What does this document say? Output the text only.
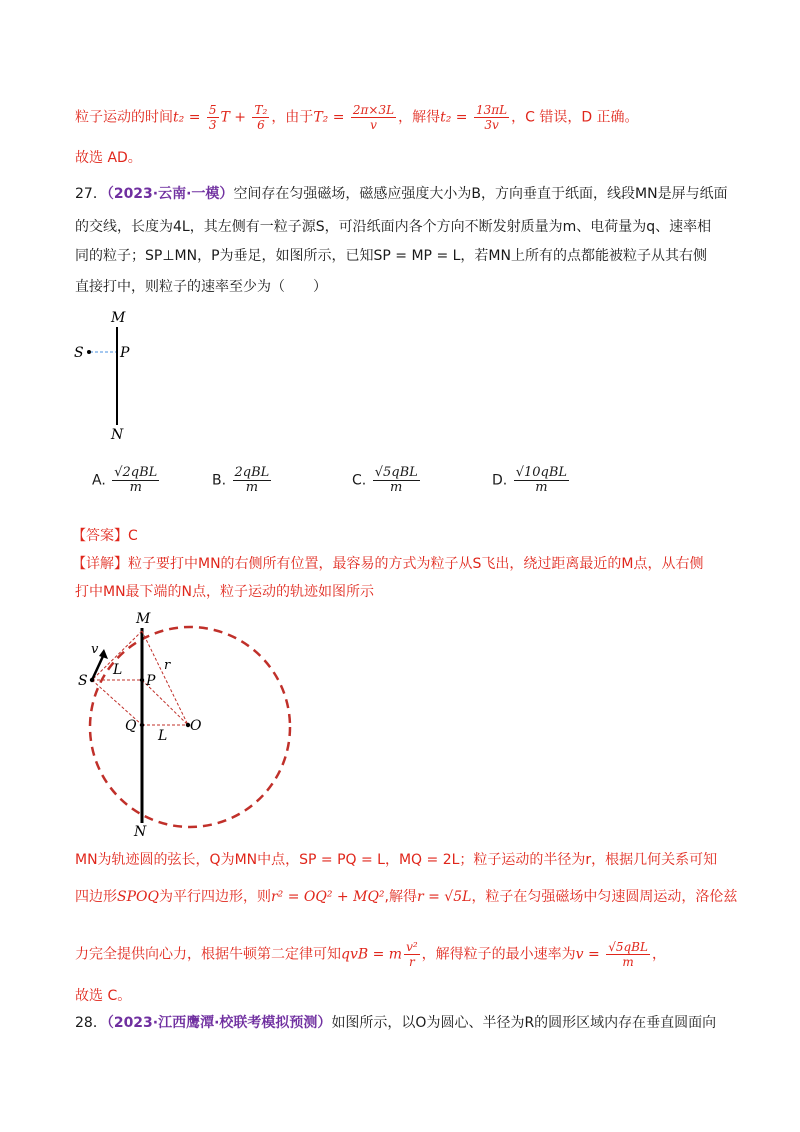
粒子运动的时间$t_2 = \frac{5}{3}$ $T + \frac{\text{T₂}}{6}$ ，由于$T_2 = \frac{2\pi\times 3L}{v}$ ，解得$t_2 = \frac{13\pi L}{3v}$ ，C 错误，D 正确。
故选 AD。
27．（2023·云南·一模）空间存在匀强磁场，磁感应强度大小为B，方向垂直于纸面，线段MN是屏与纸面
的交线，长度为4L，其左侧有一粒子源S，可沿纸面内各个方向不断发射质量为m、电荷量为q、速率相
同的粒子；SP⊥MN，P为垂足，如图所示，已知SP = MP = L，若MN上所有的点都能被粒子从其右侧
直接打中，则粒子的速率至少为（　　）
M
S	P
N
A. $\frac{\text{√2qBL}}{m}$	B. $\frac{\text{2qBL}}{m}$	C. $\frac{\text{√5qBL}}{m}$	D. $\frac{\text{√10qBL}}{m}$
【答案】C
【详解】粒子要打中MN的右侧所有位置，最容易的方式为粒子从S飞出，绕过距离最近的M点，从右侧
打中MN最下端的N点，粒子运动的轨迹如图所示
M
v
L	r
S	P
Q
L
O
N
MN为轨迹圆的弦长，Q为MN中点，SP = PQ = L，MQ = 2L；粒子运动的半径为r，根据几何关系可知
四边形SPOQ为平行四边形，则r² = OQ² + MQ²,解得r = √5L，粒子在匀强磁场中匀速圆周运动，洛伦兹
力完全提供向心力，根据牛顿第二定律可知qvB = m $\frac{\text{v²}}{r}$ ，解得粒子的最小速率为$v = \frac{\text{√5qBL}}{m}$ ，
故选 C。
28．（2023·江西鹰潭·校联考模拟预测）如图所示，以O为圆心、半径为R的圆形区域内存在垂直圆面向
